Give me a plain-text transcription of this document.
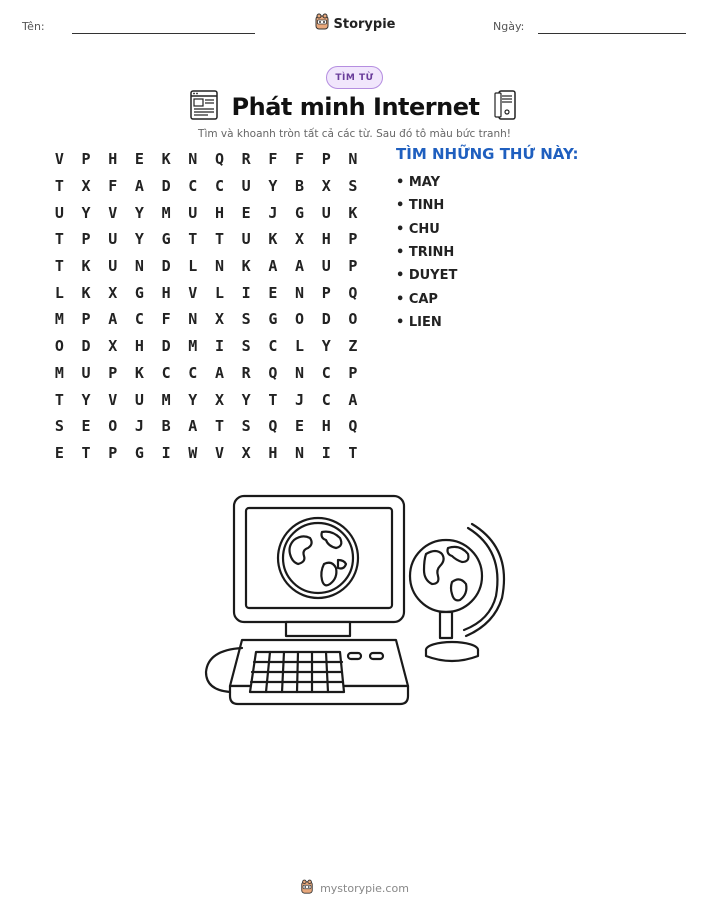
Tên:	Storypie	Ngày:
TÌM TỪ
Phát minh Internet
Tìm và khoanh tròn tất cả các từ. Sau đó tô màu bức tranh!
V	P	H	E	K	N	Q	R	F	F	P	N
T	X	F	A	D	C	C	U	Y	B	X	S
U	Y	V	Y	M	U	H	E	J	G	U	K
T	P	U	Y	G	T	T	U	K	X	H	P
T	K	U	N	D	L	N	K	A	A	U	P
L	K	X	G	H	V	L	I	E	N	P	Q
M	P	A	C	F	N	X	S	G	O	D	O
O	D	X	H	D	M	I	S	C	L	Y	Z
M	U	P	K	C	C	A	R	Q	N	C	P
T	Y	V	U	M	Y	X	Y	T	J	C	A
S	E	O	J	B	A	T	S	Q	E	H	Q
E	T	P	G	I	W	V	X	H	N	I	T
TÌM NHỮNG THỨ NÀY:
• MAY
• TINH
• CHU
• TRINH
• DUYET
• CAP
• LIEN
mystorypie.com
